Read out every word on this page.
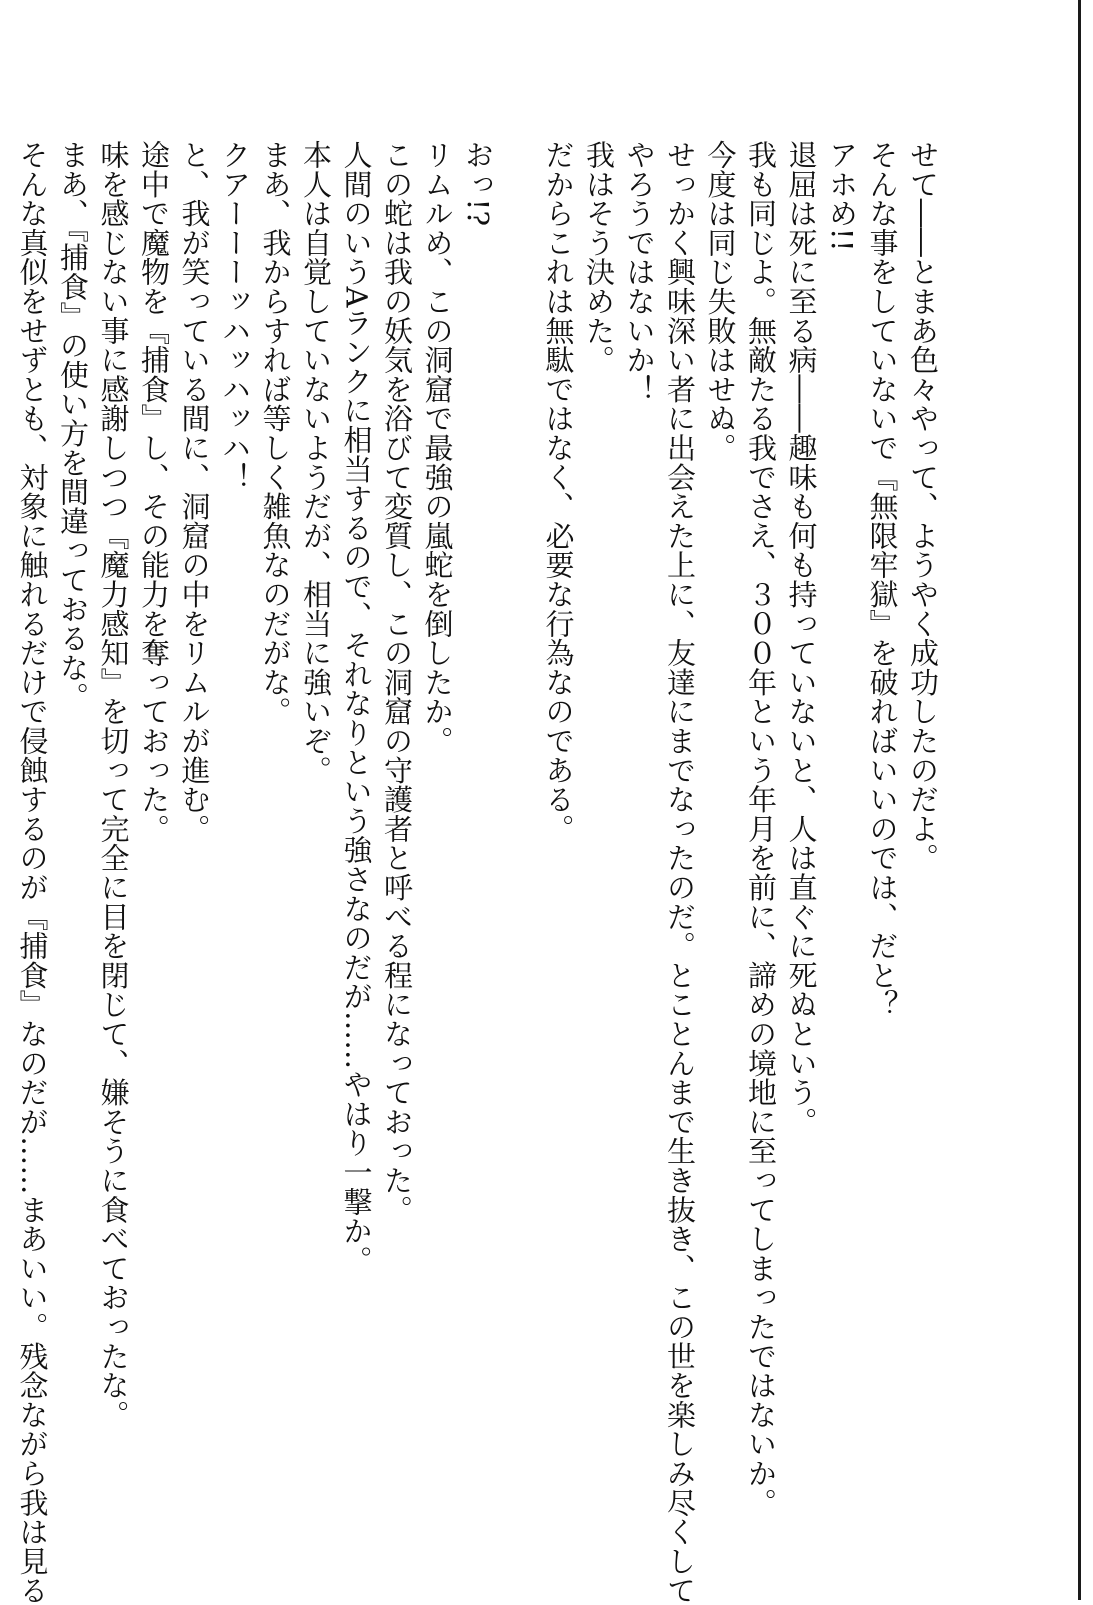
せて――とまあ色々やって、ようやく成功したのだよ。

そんな事をしていないで『無限牢獄』を破ればいいのでは、だと？

アホめ!!

退屈は死に至る病――趣味も何も持っていないと、人は直ぐに死ぬという。

我も同じよ。無敵たる我でさえ、３００年という年月を前に、諦めの境地に至ってしまったではないか。

今度は同じ失敗はせぬ。

せっかく興味深い者に出会えた上に、友達にまでなったのだ。とことんまで生き抜き、この世を楽しみ尽くして

やろうではないか！

我はそう決めた。

だからこれは無駄ではなく、必要な行為なのである。

おっ!?

リムルめ、この洞窟で最強の嵐蛇を倒したか。

この蛇は我の妖気を浴びて変質し、この洞窟の守護者と呼べる程になっておった。

人間のいうAランクに相当するので、それなりという強さなのだが……やはり一撃か。

本人は自覚していないようだが、相当に強いぞ。

まあ、我からすれば等しく雑魚なのだがな。

クアーーーッハッハッハ！

と、我が笑っている間に、洞窟の中をリムルが進む。

途中で魔物を『捕食』し、その能力を奪っておった。

味を感じない事に感謝しつつ『魔力感知』を切って完全に目を閉じて、嫌そうに食べておったな。

まあ、『捕食』の使い方を間違っておるな。

そんな真似をせずとも、対象に触れるだけで侵蝕するのが『捕食』なのだが……まあいい。残念ながら我は見る
